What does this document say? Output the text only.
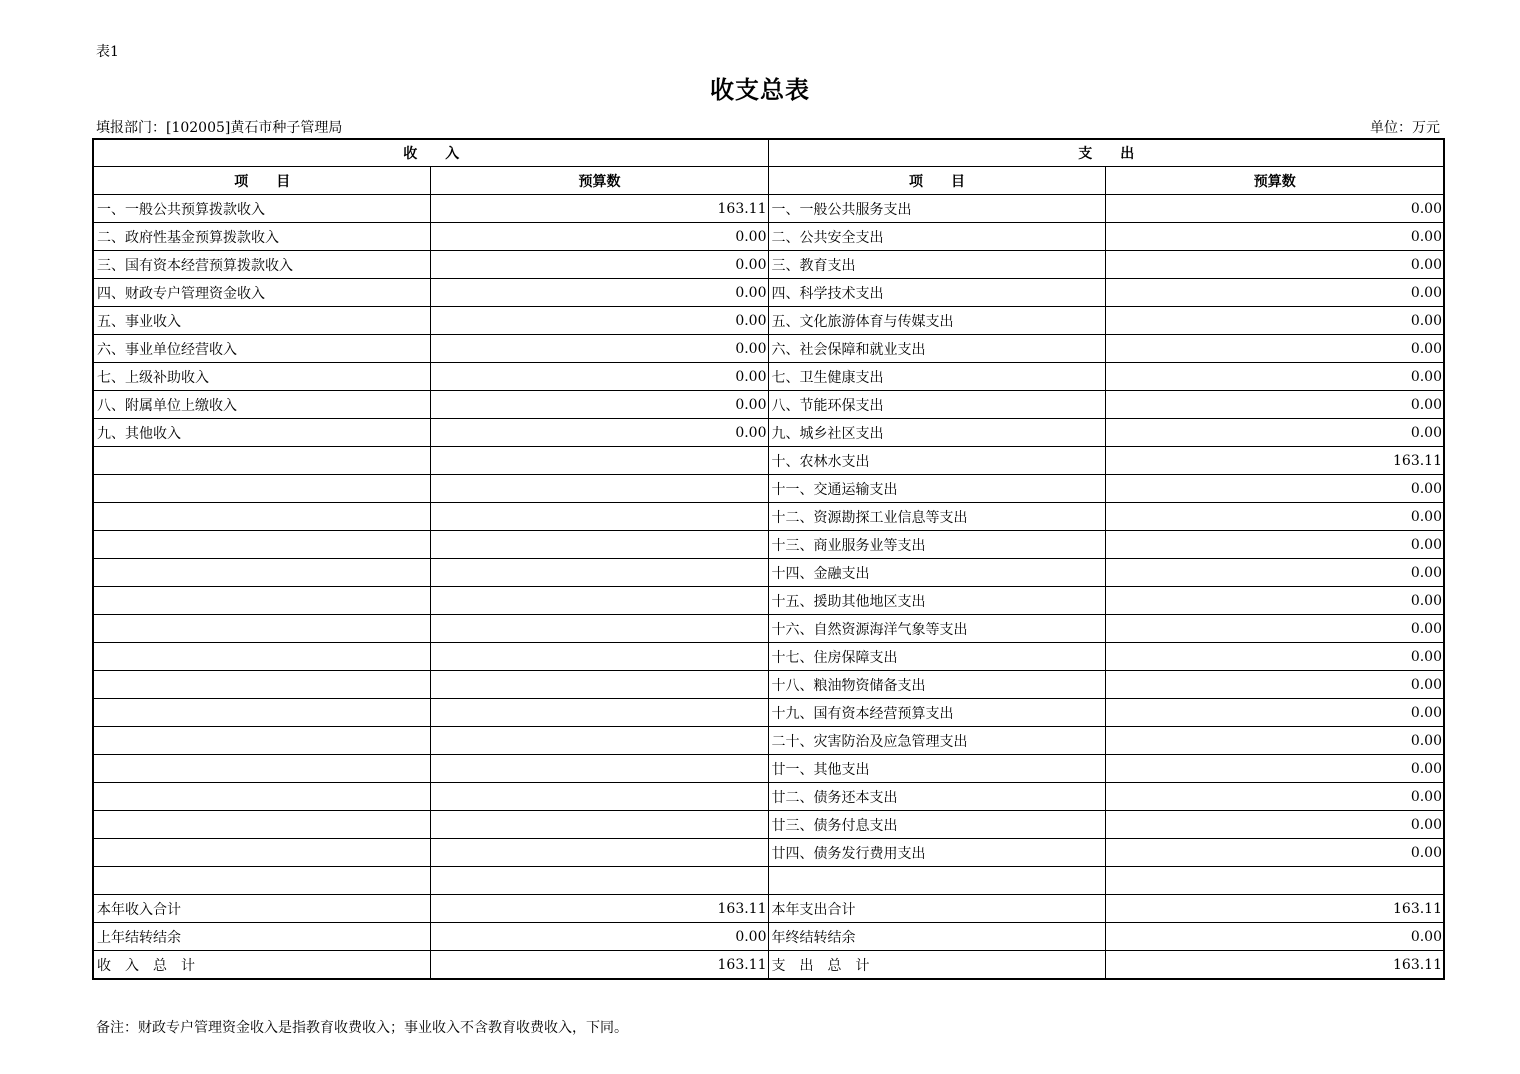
表1
收支总表
填报部门：[102005]黄石市种子管理局	单位：万元
收　　入		支　　出	
项　　目	预算数	项　　目	预算数
一、一般公共预算拨款收入	163.11	一、一般公共服务支出	0.00
二、政府性基金预算拨款收入	0.00	二、公共安全支出	0.00
三、国有资本经营预算拨款收入	0.00	三、教育支出	0.00
四、财政专户管理资金收入	0.00	四、科学技术支出	0.00
五、事业收入	0.00	五、文化旅游体育与传媒支出	0.00
六、事业单位经营收入	0.00	六、社会保障和就业支出	0.00
七、上级补助收入	0.00	七、卫生健康支出	0.00
八、附属单位上缴收入	0.00	八、节能环保支出	0.00
九、其他收入	0.00	九、城乡社区支出	0.00
		十、农林水支出	163.11
		十一、交通运输支出	0.00
		十二、资源勘探工业信息等支出	0.00
		十三、商业服务业等支出	0.00
		十四、金融支出	0.00
		十五、援助其他地区支出	0.00
		十六、自然资源海洋气象等支出	0.00
		十七、住房保障支出	0.00
		十八、粮油物资储备支出	0.00
		十九、国有资本经营预算支出	0.00
		二十、灾害防治及应急管理支出	0.00
		廿一、其他支出	0.00
		廿二、债务还本支出	0.00
		廿三、债务付息支出	0.00
		廿四、债务发行费用支出	0.00

本年收入合计	163.11	本年支出合计	163.11
上年结转结余	0.00	年终结转结余	0.00
收　入　总　计	163.11	支　出　总　计	163.11
备注：财政专户管理资金收入是指教育收费收入；事业收入不含教育收费收入，下同。
